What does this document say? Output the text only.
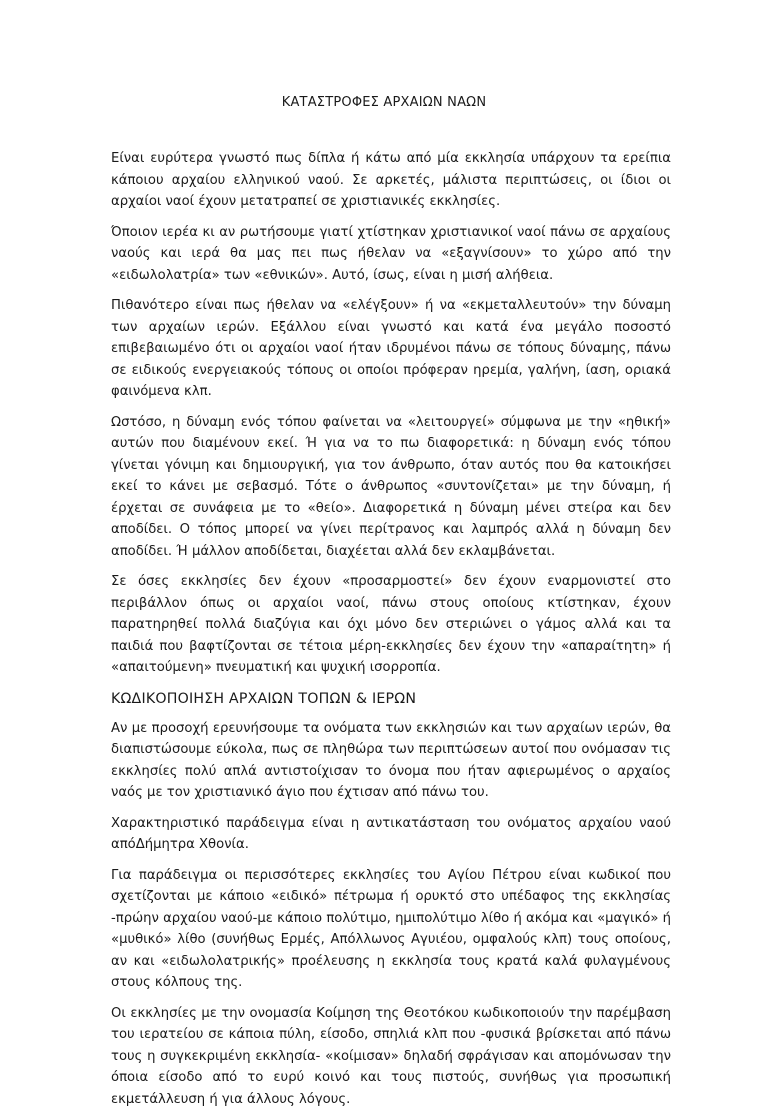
ΚΑΤΑΣΤΡΟΦΕΣ ΑΡΧΑΙΩΝ ΝΑΩΝ

Είναι ευρύτερα γνωστό πως δίπλα ή κάτω από μία εκκλησία υπάρχουν τα ερείπια κάποιου αρχαίου ελληνικού ναού. Σε αρκετές, μάλιστα περιπτώσεις, οι ίδιοι οι αρχαίοι ναοί έχουν μετατραπεί σε χριστιανικές εκκλησίες.

Όποιον ιερέα κι αν ρωτήσουμε γιατί χτίστηκαν χριστιανικοί ναοί πάνω σε αρχαίους ναούς και ιερά θα μας πει πως ήθελαν να «εξαγνίσουν» το χώρο από την «ειδωλολατρία» των «εθνικών». Αυτό, ίσως, είναι η μισή αλήθεια.

Πιθανότερο είναι πως ήθελαν να «ελέγξουν» ή να «εκμεταλλευτούν» την δύναμη των αρχαίων ιερών. Εξάλλου είναι γνωστό και κατά ένα μεγάλο ποσοστό επιβεβαιωμένο ότι οι αρχαίοι ναοί ήταν ιδρυμένοι πάνω σε τόπους δύναμης, πάνω σε ειδικούς ενεργειακούς τόπους οι οποίοι πρόφεραν ηρεμία, γαλήνη, ίαση, οριακά φαινόμενα κλπ.

Ωστόσο, η δύναμη ενός τόπου φαίνεται να «λειτουργεί» σύμφωνα με την «ηθική» αυτών που διαμένουν εκεί. Ή για να το πω διαφορετικά: η δύναμη ενός τόπου γίνεται γόνιμη και δημιουργική, για τον άνθρωπο, όταν αυτός που θα κατοικήσει εκεί το κάνει με σεβασμό. Τότε ο άνθρωπος «συντονίζεται» με την δύναμη, ή έρχεται σε συνάφεια με το «θείο». Διαφορετικά η δύναμη μένει στείρα και δεν αποδίδει. Ο τόπος μπορεί να γίνει περίτρανος και λαμπρός αλλά η δύναμη δεν αποδίδει. Ή μάλλον αποδίδεται, διαχέεται αλλά δεν εκλαμβάνεται.

Σε όσες εκκλησίες δεν έχουν «προσαρμοστεί» δεν έχουν εναρμονιστεί στο περιβάλλον όπως οι αρχαίοι ναοί, πάνω στους οποίους κτίστηκαν, έχουν παρατηρηθεί πολλά διαζύγια και όχι μόνο δεν στεριώνει ο γάμος αλλά και τα παιδιά που βαφτίζονται σε τέτοια μέρη-εκκλησίες δεν έχουν την «απαραίτητη» ή «απαιτούμενη» πνευματική και ψυχική ισορροπία.

ΚΩΔΙΚΟΠΟΙΗΣΗ ΑΡΧΑΙΩΝ ΤΟΠΩΝ & ΙΕΡΩΝ

Αν με προσοχή ερευνήσουμε τα ονόματα των εκκλησιών και των αρχαίων ιερών, θα διαπιστώσουμε εύκολα, πως σε πληθώρα των περιπτώσεων αυτοί που ονόμασαν τις εκκλησίες πολύ απλά αντιστοίχισαν το όνομα που ήταν αφιερωμένος ο αρχαίος ναός με τον χριστιανικό άγιο που έχτισαν από πάνω του.

Χαρακτηριστικό παράδειγμα είναι η αντικατάσταση του ονόματος αρχαίου ναού απόΔήμητρα Χθονία.

Για παράδειγμα οι περισσότερες εκκλησίες του Αγίου Πέτρου είναι κωδικοί που σχετίζονται με κάποιο «ειδικό» πέτρωμα ή ορυκτό στο υπέδαφος της εκκλησίας -πρώην αρχαίου ναού-με κάποιο πολύτιμο, ημιπολύτιμο λίθο ή ακόμα και «μαγικό» ή «μυθικό» λίθο (συνήθως Ερμές, Απόλλωνος Αγυιέου, ομφαλούς κλπ) τους οποίους, αν και «ειδωλολατρικής» προέλευσης η εκκλησία τους κρατά καλά φυλαγμένους στους κόλπους της.

Οι εκκλησίες με την ονομασία Κοίμηση της Θεοτόκου κωδικοποιούν την παρέμβαση του ιερατείου σε κάποια πύλη, είσοδο, σπηλιά κλπ που -φυσικά βρίσκεται από πάνω τους η συγκεκριμένη εκκλησία- «κοίμισαν» δηλαδή σφράγισαν και απομόνωσαν την όποια είσοδο από το ευρύ κοινό και τους πιστούς, συνήθως για προσωπική εκμετάλλευση ή για άλλους λόγους.
